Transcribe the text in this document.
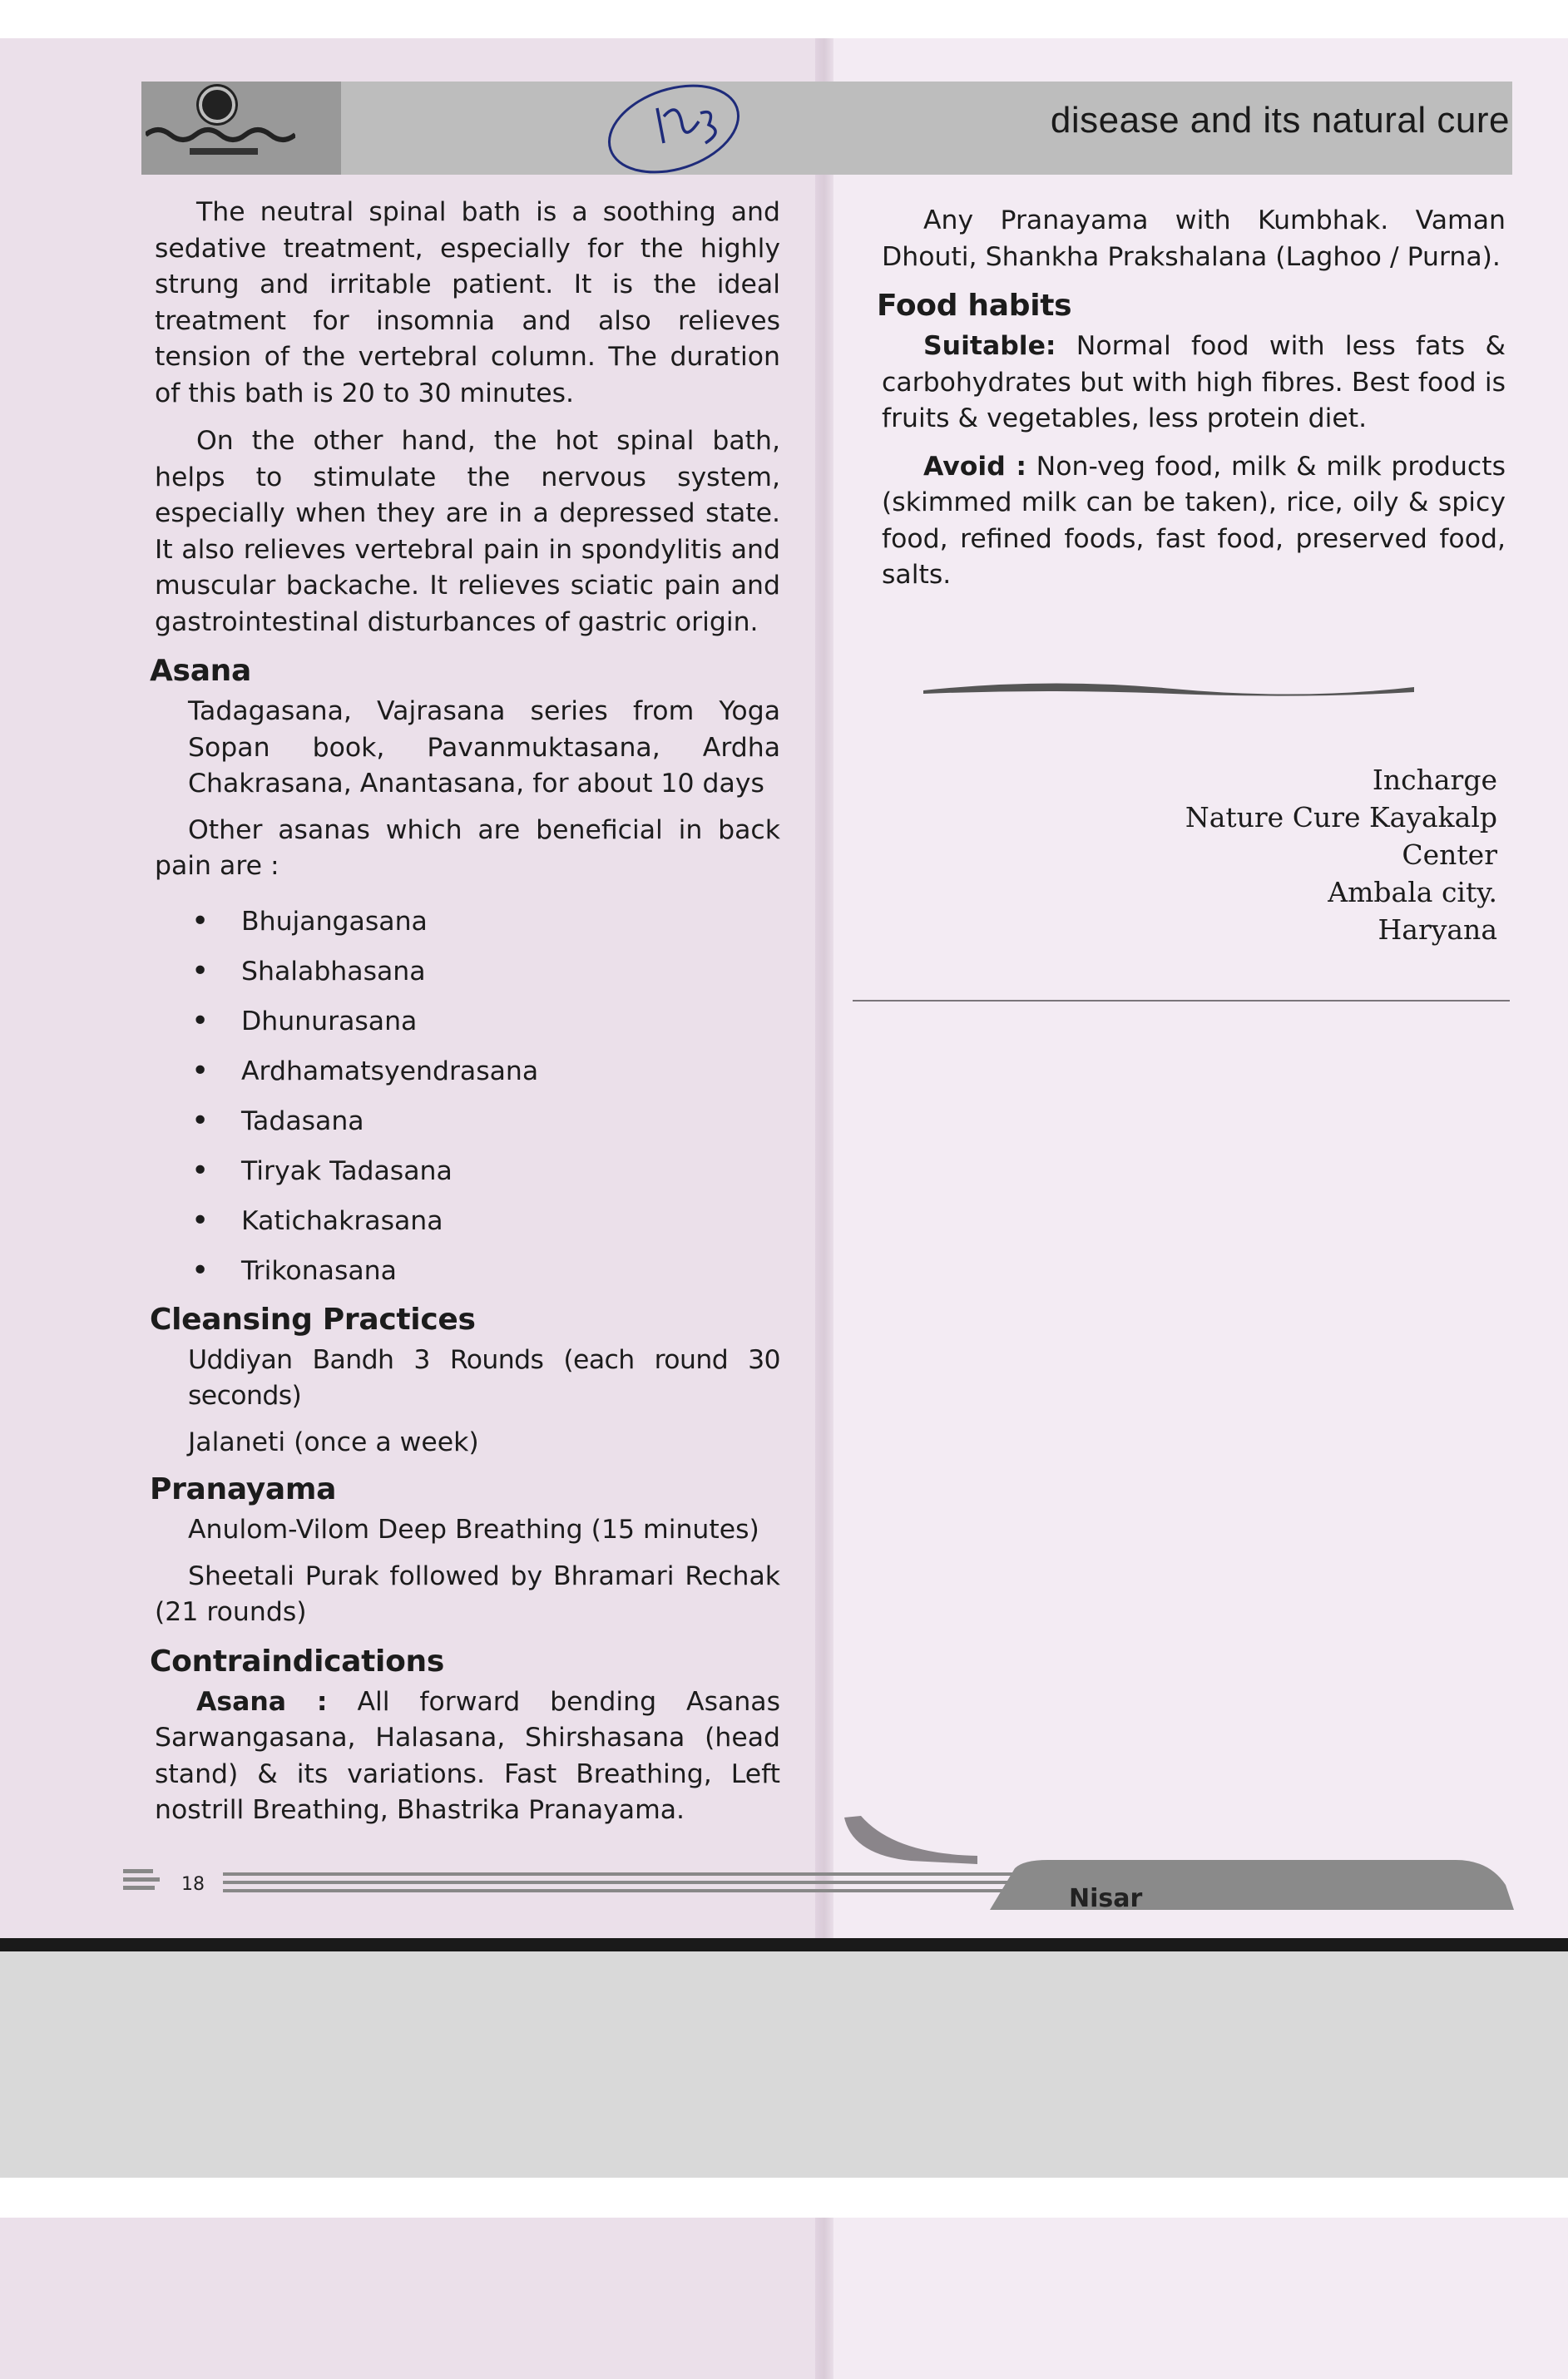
disease and its natural cure

The neutral spinal bath is a soothing and sedative treatment, especially for the highly strung and irritable patient. It is the ideal treatment for insomnia and also relieves tension of the vertebral column. The duration of this bath is 20 to 30 minutes.

On the other hand, the hot spinal bath, helps to stimulate the nervous system, especially when they are in a depressed state. It also relieves vertebral pain in spondylitis and muscular backache. It relieves sciatic pain and gastrointestinal disturbances of gastric origin.

Asana

Tadagasana, Vajrasana series from Yoga Sopan book, Pavanmuktasana, Ardha Chakrasana, Anantasana, for about 10 days

Other asanas which are beneficial in back pain are :

• Bhujangasana
• Shalabhasana
• Dhunurasana
• Ardhamatsyendrasana
• Tadasana
• Tiryak Tadasana
• Katichakrasana
• Trikonasana
Cleansing Practices

Uddiyan Bandh 3 Rounds (each round 30 seconds)

Jalaneti (once a week)

Pranayama

Anulom-Vilom Deep Breathing (15 minutes)

Sheetali Purak followed by Bhramari Rechak (21 rounds)

Contraindications

Asana : All forward bending Asanas Sarwangasana, Halasana, Shirshasana (head stand) & its variations. Fast Breathing, Left nostrill Breathing, Bhastrika Pranayama.

Any Pranayama with Kumbhak. Vaman Dhouti, Shankha Prakshalana (Laghoo / Purna).

Food habits

Suitable: Normal food with less fats & carbohydrates but with high fibres. Best food is fruits & vegetables, less protein diet.

Avoid : Non-veg food, milk & milk products (skimmed milk can be taken), rice, oily & spicy food, refined foods, fast food, preserved food, salts.

Incharge
Nature Cure Kayakalp Center
Ambala city.
Haryana
18	Nisar
